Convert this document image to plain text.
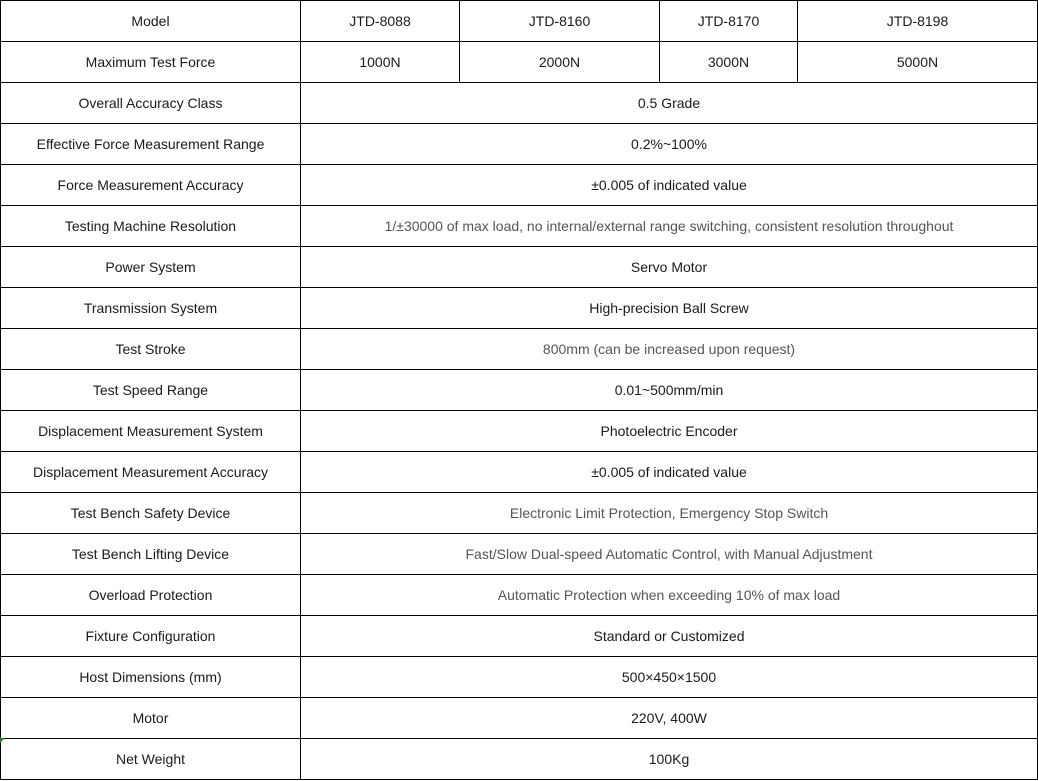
Model	JTD-8088	JTD-8160	JTD-8170	JTD-8198
Maximum Test Force	1000N	2000N	3000N	5000N
Overall Accuracy Class	0.5 Grade			
Effective Force Measurement Range	0.2%~100%			
Force Measurement Accuracy	±0.005 of indicated value			
Testing Machine Resolution	1/±30000 of max load, no internal/external range switching, consistent resolution throughout			
Power System	Servo Motor			
Transmission System	High-precision Ball Screw			
Test Stroke	800mm (can be increased upon request)			
Test Speed Range	0.01~500mm/min			
Displacement Measurement System	Photoelectric Encoder			
Displacement Measurement Accuracy	±0.005 of indicated value			
Test Bench Safety Device	Electronic Limit Protection, Emergency Stop Switch			
Test Bench Lifting Device	Fast/Slow Dual-speed Automatic Control, with Manual Adjustment			
Overload Protection	Automatic Protection when exceeding 10% of max load			
Fixture Configuration	Standard or Customized			
Host Dimensions (mm)	500×450×1500			
Motor	220V, 400W			
Net Weight	100Kg			
